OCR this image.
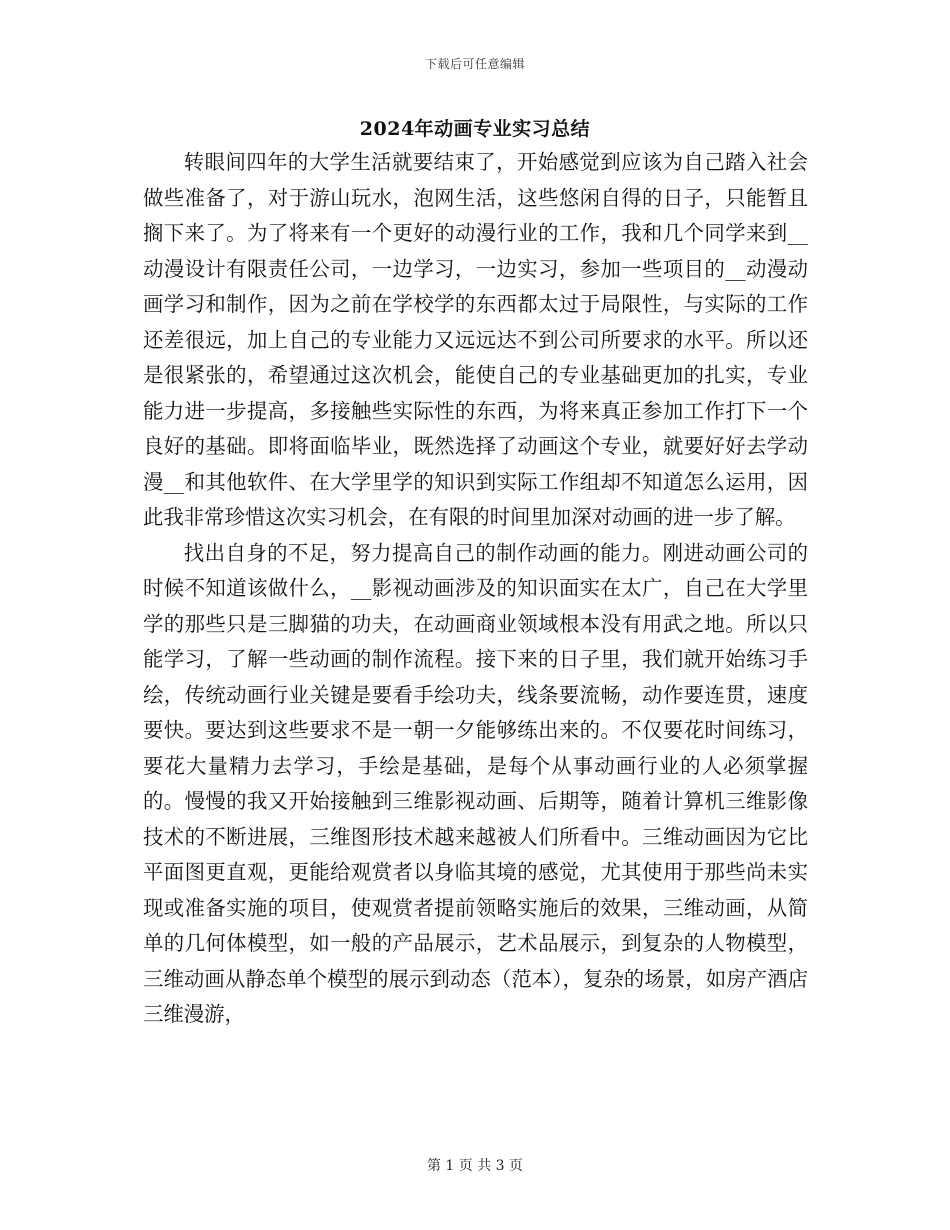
下载后可任意编辑
2024年动画专业实习总结

转眼间四年的大学生活就要结束了，开始感觉到应该为自己踏入社会做些准备了，对于游山玩水，泡网生活，这些悠闲自得的日子，只能暂且搁下来了。为了将来有一个更好的动漫行业的工作，我和几个同学来到__动漫设计有限责任公司，一边学习，一边实习，参加一些项目的__动漫动画学习和制作，因为之前在学校学的东西都太过于局限性，与实际的工作还差很远，加上自己的专业能力又远远达不到公司所要求的水平。所以还是很紧张的，希望通过这次机会，能使自己的专业基础更加的扎实，专业能力进一步提高，多接触些实际性的东西，为将来真正参加工作打下一个良好的基础。即将面临毕业，既然选择了动画这个专业，就要好好去学动漫__和其他软件、在大学里学的知识到实际工作组却不知道怎么运用，因此我非常珍惜这次实习机会，在有限的时间里加深对动画的进一步了解。

找出自身的不足，努力提高自己的制作动画的能力。刚进动画公司的时候不知道该做什么，__影视动画涉及的知识面实在太广，自己在大学里学的那些只是三脚猫的功夫，在动画商业领域根本没有用武之地。所以只能学习，了解一些动画的制作流程。接下来的日子里，我们就开始练习手绘，传统动画行业关键是要看手绘功夫，线条要流畅，动作要连贯，速度要快。要达到这些要求不是一朝一夕能够练出来的。不仅要花时间练习，要花大量精力去学习，手绘是基础，是每个从事动画行业的人必须掌握的。慢慢的我又开始接触到三维影视动画、后期等，随着计算机三维影像技术的不断进展，三维图形技术越来越被人们所看中。三维动画因为它比平面图更直观，更能给观赏者以身临其境的感觉，尤其使用于那些尚未实现或准备实施的项目，使观赏者提前领略实施后的效果，三维动画，从简单的几何体模型，如一般的产品展示，艺术品展示，到复杂的人物模型，三维动画从静态单个模型的展示到动态（范本），复杂的场景，如房产酒店三维漫游，

第 1 页 共 3 页
